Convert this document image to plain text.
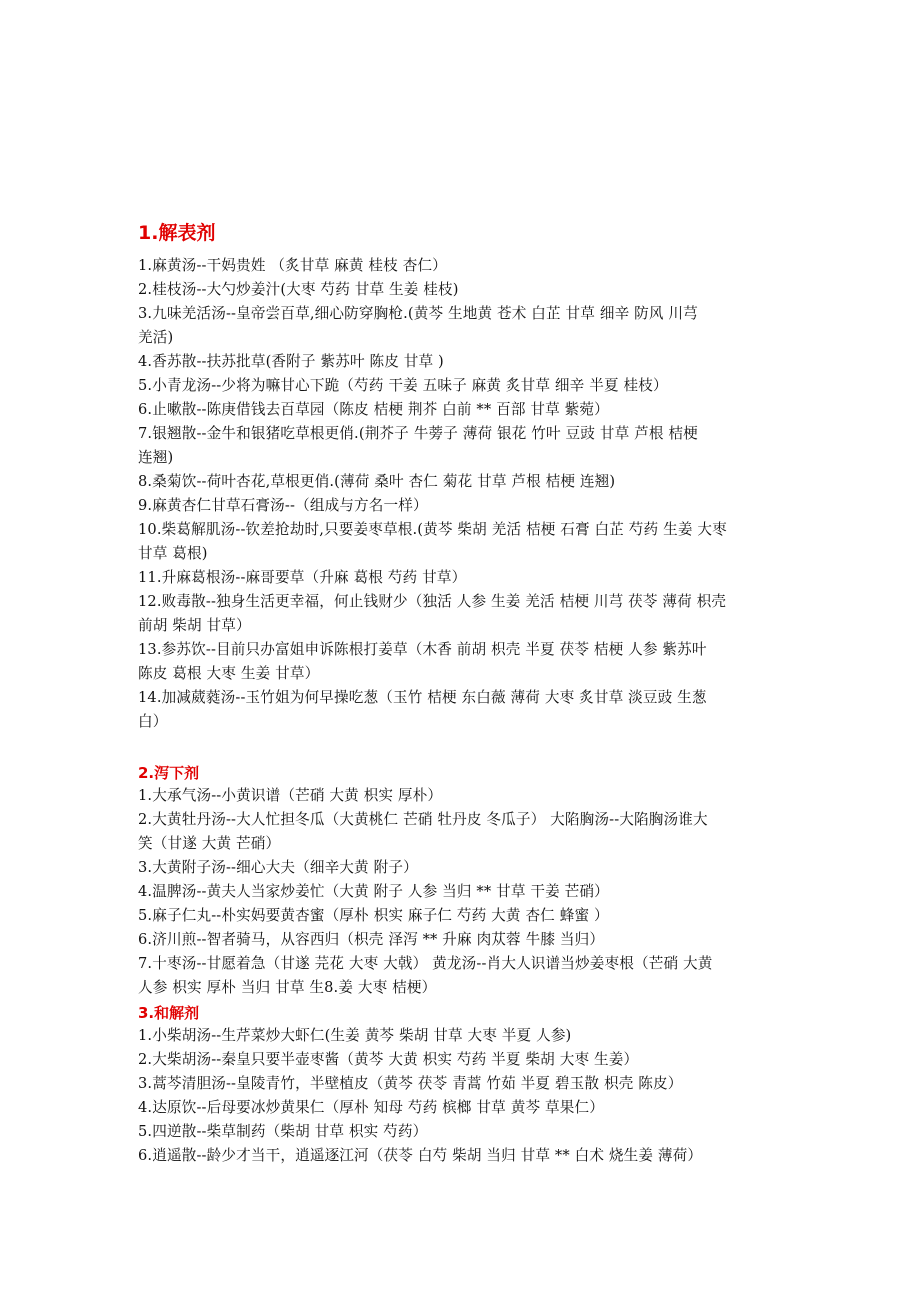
1.解表剂
1.麻黄汤--干妈贵姓 （炙甘草 麻黄 桂枝 杏仁）
2.桂枝汤--大勺炒姜汁(大枣 芍药 甘草 生姜 桂枝)
3.九味羌活汤--皇帝尝百草,细心防穿胸枪.(黄芩 生地黄 苍术 白芷 甘草 细辛 防风 川芎
羌活)
4.香苏散--扶苏批草(香附子 紫苏叶 陈皮 甘草 )
5.小青龙汤--少将为嘛甘心下跪（芍药 干姜 五味子 麻黄 炙甘草 细辛 半夏 桂枝）
6.止嗽散--陈庚借钱去百草园（陈皮 桔梗 荆芥 白前 ** 百部 甘草 紫菀）
7.银翘散--金牛和银猪吃草根更俏.(荆芥子 牛蒡子 薄荷 银花 竹叶 豆豉 甘草 芦根 桔梗
连翘)
8.桑菊饮--荷叶杏花,草根更俏.(薄荷 桑叶 杏仁 菊花 甘草 芦根 桔梗 连翘)
9.麻黄杏仁甘草石膏汤--（组成与方名一样）
10.柴葛解肌汤--钦差抢劫时,只要姜枣草根.(黄芩 柴胡 羌活 桔梗 石膏 白芷 芍药 生姜 大枣
甘草 葛根)
11.升麻葛根汤--麻哥要草（升麻 葛根 芍药 甘草）
12.败毒散--独身生活更幸福，何止钱财少（独活 人参 生姜 羌活 桔梗 川芎 茯苓 薄荷 枳壳
前胡 柴胡 甘草）
13.参苏饮--目前只办富姐申诉陈根打姜草（木香 前胡 枳壳 半夏 茯苓 桔梗 人参 紫苏叶
陈皮 葛根 大枣 生姜 甘草）
14.加减葳蕤汤--玉竹姐为何早操吃葱（玉竹 桔梗 东白薇 薄荷 大枣 炙甘草 淡豆豉 生葱
白）
2.泻下剂
1.大承气汤--小黄识谱（芒硝 大黄 枳实 厚朴）
2.大黄牡丹汤--大人忙担冬瓜（大黄桃仁 芒硝 牡丹皮 冬瓜子） 大陷胸汤--大陷胸汤谁大
笑（甘遂 大黄 芒硝）
3.大黄附子汤--细心大夫（细辛大黄 附子）
4.温脾汤--黄夫人当家炒姜忙（大黄 附子 人参 当归 ** 甘草 干姜 芒硝）
5.麻子仁丸--朴实妈要黄杏蜜（厚朴 枳实 麻子仁 芍药 大黄 杏仁 蜂蜜 ）
6.济川煎--智者骑马，从容西归（枳壳 泽泻 ** 升麻 肉苁蓉 牛膝 当归）
7.十枣汤--甘愿着急（甘遂 芫花 大枣 大戟） 黄龙汤--肖大人识谱当炒姜枣根（芒硝 大黄
人参 枳实 厚朴 当归 甘草 生8.姜 大枣 桔梗）
3.和解剂
1.小柴胡汤--生芹菜炒大虾仁(生姜 黄芩 柴胡 甘草 大枣 半夏 人参)
2.大柴胡汤--秦皇只要半壶枣酱（黄芩 大黄 枳实 芍药 半夏 柴胡 大枣 生姜）
3.蒿芩清胆汤--皇陵青竹，半壁植皮（黄芩 茯苓 青蒿 竹茹 半夏 碧玉散 枳壳 陈皮）
4.达原饮--后母要冰炒黄果仁（厚朴 知母 芍药 槟榔 甘草 黄芩 草果仁）
5.四逆散--柴草制药（柴胡 甘草 枳实 芍药）
6.逍遥散--龄少才当干，逍遥逐江河（茯苓 白芍 柴胡 当归 甘草 ** 白术 烧生姜 薄荷）
